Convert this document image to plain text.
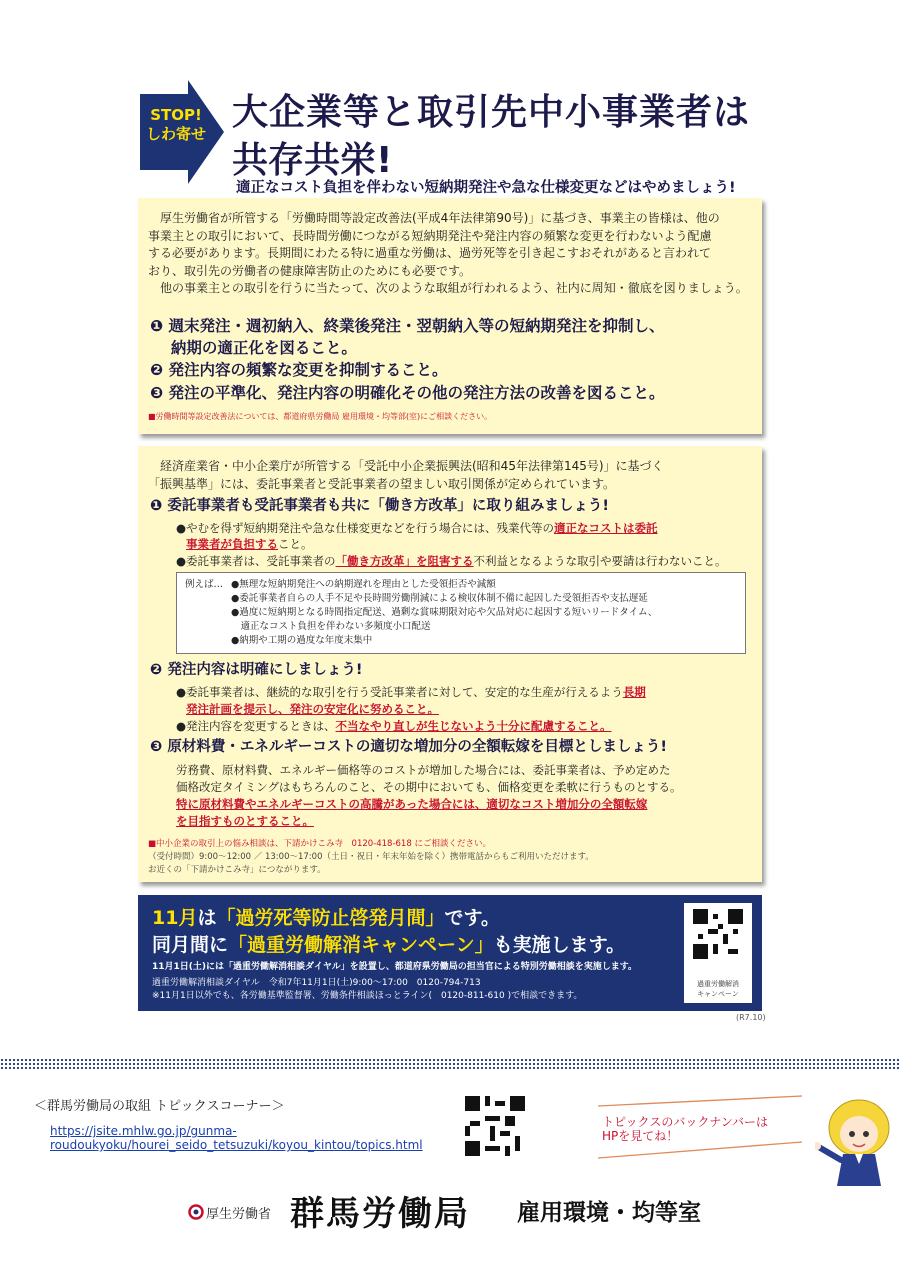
STOP!
しわ寄せ
大企業等と取引先中小事業者は
共存共栄!
適正なコスト負担を伴わない短納期発注や急な仕様変更などはやめましょう!
　厚生労働省が所管する「労働時間等設定改善法(平成4年法律第90号)」に基づき、事業主の皆様は、他の
事業主との取引において、長時間労働につながる短納期発注や発注内容の頻繁な変更を行わないよう配慮
する必要があります。長期間にわたる特に過重な労働は、過労死等を引き起こすおそれがあると言われて
おり、取引先の労働者の健康障害防止のためにも必要です。
　他の事業主との取引を行うに当たって、次のような取組が行われるよう、社内に周知・徹底を図りましょう。
❶ 週末発注・週初納入、終業後発注・翌朝納入等の短納期発注を抑制し、
　 納期の適正化を図ること。
❷ 発注内容の頻繁な変更を抑制すること。
❸ 発注の平準化、発注内容の明確化その他の発注方法の改善を図ること。
■労働時間等設定改善法については、都道府県労働局 雇用環境・均等部(室)にご相談ください。
　経済産業省・中小企業庁が所管する「受託中小企業振興法(昭和45年法律第145号)」に基づく
「振興基準」には、委託事業者と受託事業者の望ましい取引関係が定められています。
❶ 委託事業者も受託事業者も共に「働き方改革」に取り組みましょう!
●やむを得ず短納期発注や急な仕様変更などを行う場合には、残業代等の適正なコストは委託
事業者が負担すること。
●委託事業者は、受託事業者の「働き方改革」を阻害する不利益となるような取引や要請は行わないこと。
例えば… ●無理な短納期発注への納期遅れを理由とした受領拒否や減額
●委託事業者自らの人手不足や長時間労働削減による検収体制不備に起因した受領拒否や支払遅延
●過度に短納期となる時間指定配送、過剰な賞味期限対応や欠品対応に起因する短いリードタイム、
　適正なコスト負担を伴わない多頻度小口配送
●納期や工期の過度な年度末集中
❷ 発注内容は明確にしましょう!
●委託事業者は、継続的な取引を行う受託事業者に対して、安定的な生産が行えるよう長期
発注計画を提示し、発注の安定化に努めること。
●発注内容を変更するときは、不当なやり直しが生じないよう十分に配慮すること。
❸ 原材料費・エネルギーコストの適切な増加分の全額転嫁を目標としましょう!
労務費、原材料費、エネルギー価格等のコストが増加した場合には、委託事業者は、予め定めた
価格改定タイミングはもちろんのこと、その期中においても、価格変更を柔軟に行うものとする。
特に原材料費やエネルギーコストの高騰があった場合には、適切なコスト増加分の全額転嫁
を目指すものとすること。
■中小企業の取引上の悩み相談は、下請かけこみ寺　0120-418-618 にご相談ください。
（受付時間）9:00～12:00 ／ 13:00～17:00（土日・祝日・年末年始を除く）携帯電話からもご利用いただけます。
お近くの「下請かけこみ寺」につながります。
11月は「過労死等防止啓発月間」です。
同月間に「過重労働解消キャンペーン」も実施します。
11月1日(土)には「過重労働解消相談ダイヤル」を設置し、都道府県労働局の担当官による特別労働相談を実施します。
過重労働解消相談ダイヤル　令和7年11月1日(土)9:00～17:00　0120-794-713
※11月1日以外でも、各労働基準監督署、労働条件相談ほっとライン(　0120-811-610 )で相談できます。
過重労働解消
キャンペーン
(R7.10)
＜群馬労働局の取組 トピックスコーナー＞
https://jsite.mhlw.go.jp/gunma-
roudoukyoku/hourei_seido_tetsuzuki/koyou_kintou/topics.html
トピックスのバックナンバーは
HPを見てね！
厚生労働省 群馬労働局 雇用環境・均等室
